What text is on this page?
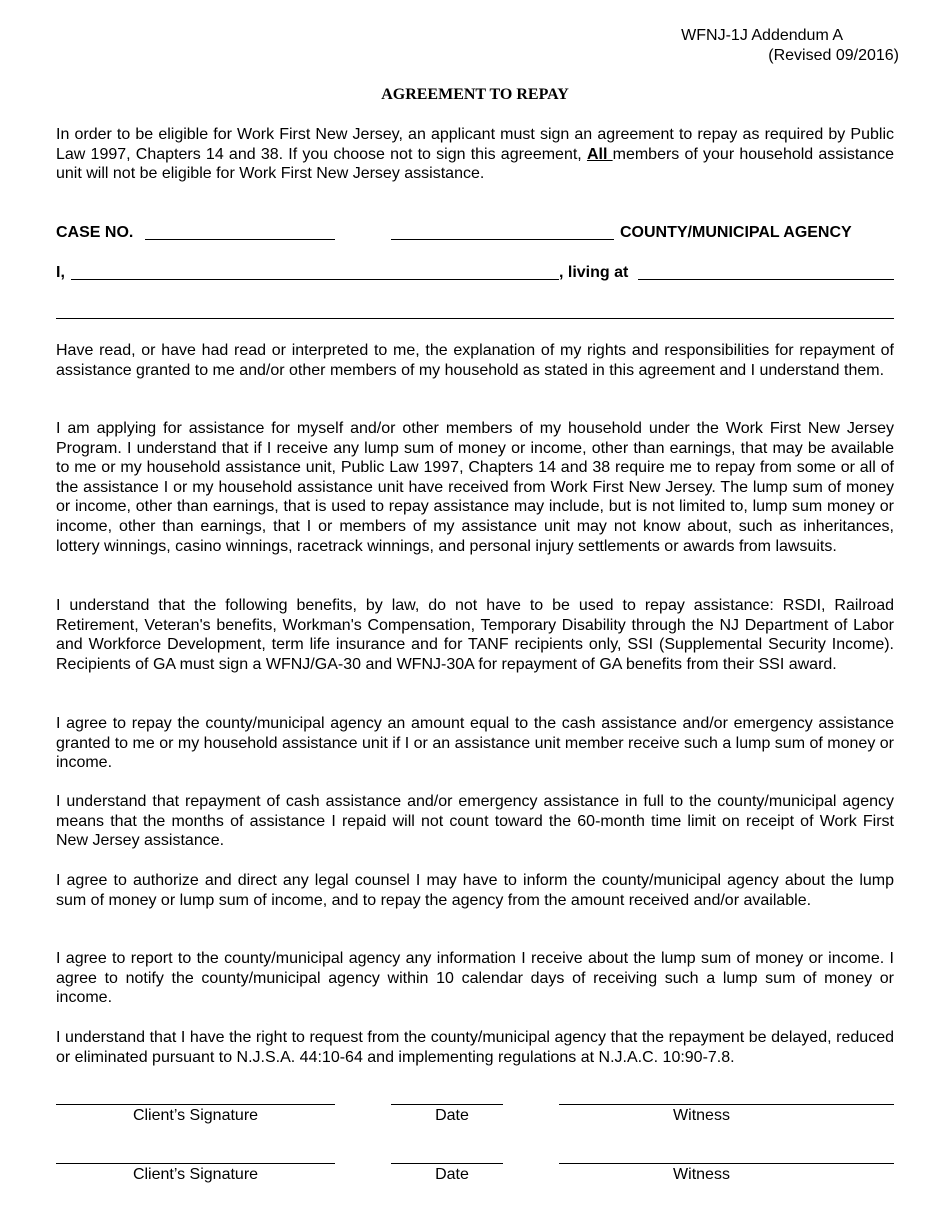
WFNJ-1J Addendum A
(Revised 09/2016)
AGREEMENT TO REPAY

In order to be eligible for Work First New Jersey, an applicant must sign an agreement to repay as required by Public Law 1997, Chapters 14 and 38. If you choose not to sign this agreement, All members of your household assistance unit will not be eligible for Work First New Jersey assistance.

CASE NO.	COUNTY/MUNICIPAL AGENCY
I,	, living at

Have read, or have had read or interpreted to me, the explanation of my rights and responsibilities for repayment of assistance granted to me and/or other members of my household as stated in this agreement and I understand them.

I am applying for assistance for myself and/or other members of my household under the Work First New Jersey Program. I understand that if I receive any lump sum of money or income, other than earnings, that may be available to me or my household assistance unit, Public Law 1997, Chapters 14 and 38 require me to repay from some or all of the assistance I or my household assistance unit have received from Work First New Jersey. The lump sum of money or income, other than earnings, that is used to repay assistance may include, but is not limited to, lump sum money or income, other than earnings, that I or members of my assistance unit may not know about, such as inheritances, lottery winnings, casino winnings, racetrack winnings, and personal injury settlements or awards from lawsuits.

I understand that the following benefits, by law, do not have to be used to repay assistance: RSDI, Railroad Retirement, Veteran's benefits, Workman's Compensation, Temporary Disability through the NJ Department of Labor and Workforce Development, term life insurance and for TANF recipients only, SSI (Supplemental Security Income). Recipients of GA must sign a WFNJ/GA-30 and WFNJ-30A for repayment of GA benefits from their SSI award.

I agree to repay the county/municipal agency an amount equal to the cash assistance and/or emergency assistance granted to me or my household assistance unit if I or an assistance unit member receive such a lump sum of money or income.

I understand that repayment of cash assistance and/or emergency assistance in full to the county/municipal agency means that the months of assistance I repaid will not count toward the 60-month time limit on receipt of Work First New Jersey assistance.

I agree to authorize and direct any legal counsel I may have to inform the county/municipal agency about the lump sum of money or lump sum of income, and to repay the agency from the amount received and/or available.

I agree to report to the county/municipal agency any information I receive about the lump sum of money or income. I agree to notify the county/municipal agency within 10 calendar days of receiving such a lump sum of money or income.

I understand that I have the right to request from the county/municipal agency that the repayment be delayed, reduced or eliminated pursuant to N.J.S.A. 44:10-64 and implementing regulations at N.J.A.C. 10:90-7.8.

Client’s Signature	Date	Witness
Client’s Signature	Date	Witness
